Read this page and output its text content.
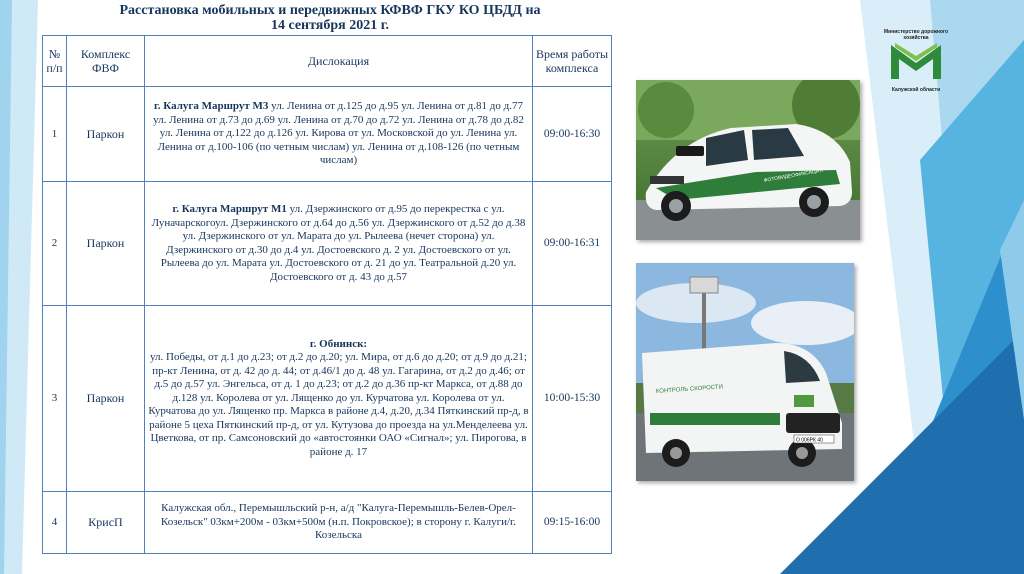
Расстановка мобильных и передвижных КФВФ ГКУ КО ЦБДД на
14 сентября 2021 г.
№ п/п	Комплекс ФВФ	Дислокация	Время работы комплекса
1	Паркон	г. Калуга Маршрут М3 ул. Ленина от д.125 до д.95 ул. Ленина от д.81 до д.77 ул. Ленина от д.73 до д.69 ул. Ленина от д.70 до д.72 ул. Ленина от д.78 до д.82 ул. Ленина от д.122 до д.126 ул. Кирова от ул. Московской до ул. Ленина ул. Ленина от д.100-106 (по четным числам) ул. Ленина от д.108-126 (по четным числам)	09:00-16:30
2	Паркон	г. Калуга Маршрут М1 ул. Дзержинского от д.95 до перекрестка с ул. Луначарскогоул. Дзержинского от д.64 до д.56 ул. Дзержинского от д.52 до д.38 ул. Дзержинского от ул. Марата до ул. Рылеева (нечет сторона) ул. Дзержинского от д.30 до д.4 ул. Достоевского д. 2 ул. Достоевского от ул. Рылеева до ул. Марата ул. Достоевского от д. 21 до ул. Театральной д.20 ул. Достоевского от д. 43 до д.57	09:00-16:31
3	Паркон	г. Обнинск:
ул. Победы, от д.1 до д.23; от д.2 до д.20; ул. Мира, от д.6 до д.20; от д.9 до д.21; пр-кт Ленина, от д. 42 до д. 44; от д.46/1 до д. 48 ул. Гагарина, от д.2 до д.46; от д.5 до д.57 ул. Энгельса, от д. 1 до д.23; от д.2 до д.36 пр-кт Маркса, от д.88 до д.128 ул. Королева от ул. Лященко до ул. Курчатова ул. Королева от ул. Курчатова до ул. Лященко пр. Маркса в районе д.4, д.20, д.34 Пяткинский пр-д, в районе 5 цеха Пяткинский пр-д, от ул. Кутузова до проезда на ул.Менделеева ул. Цветкова, от пр. Самсоновский до «автостоянки ОАО «Сигнал»; ул. Пирогова, в районе д. 17	10:00-15:30
4	КрисП	Калужская обл., Перемышльский р-н, а/д "Калуга-Перемышль-Белев-Орел-Козельск" 03км+200м - 03км+500м (н.п. Покровское); в сторону г. Калуги/г. Козельска	09:15-16:00
Министерство дорожного хозяйства
Калужской области
ФОТОВИДЕОФИКСАЦИЯ
КОНТРОЛЬ СКОРОСТИ
О 006РК 40
